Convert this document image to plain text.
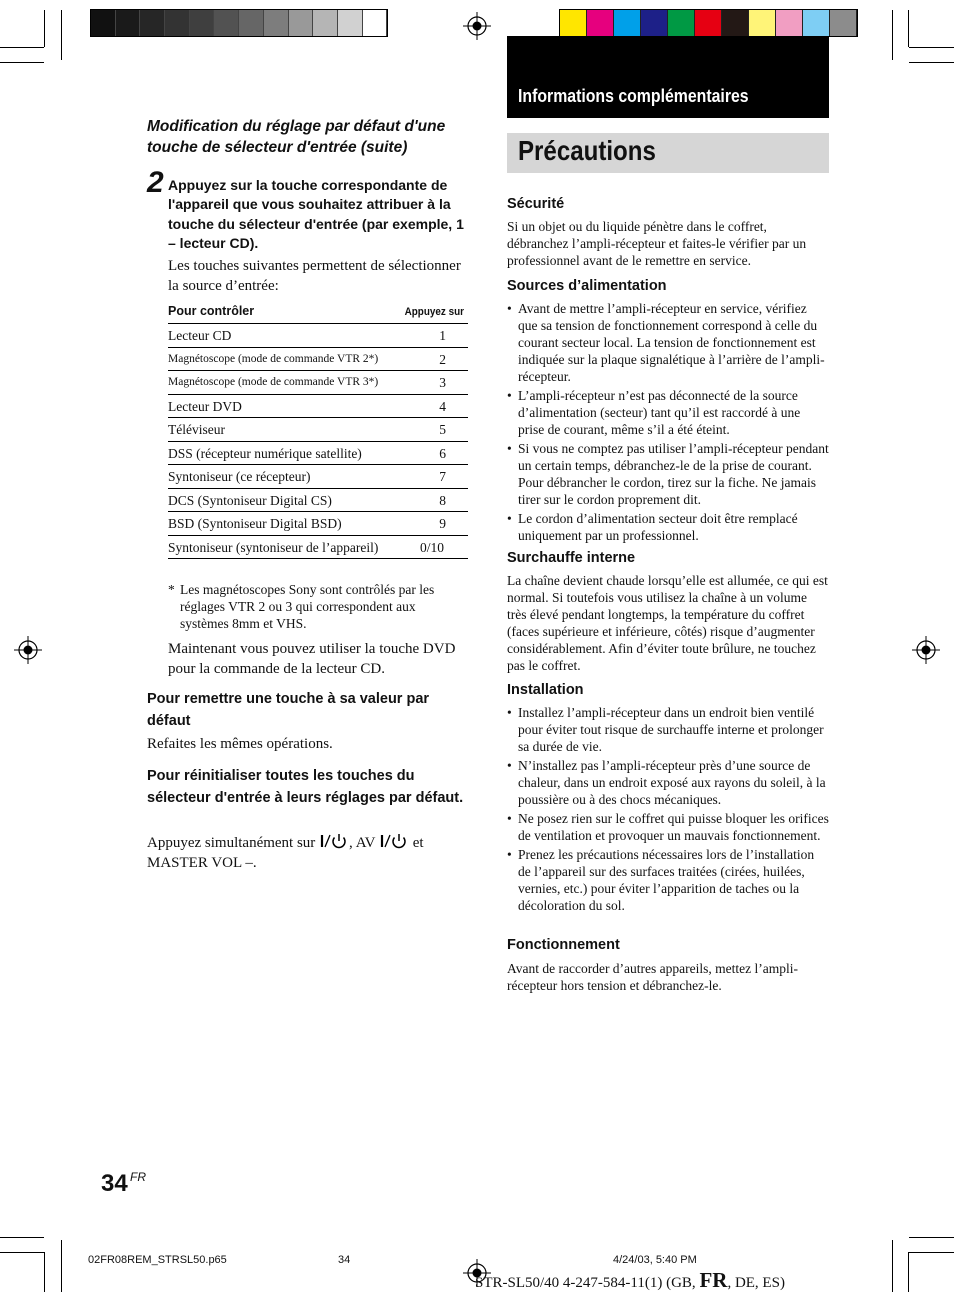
Informations complémentaires
Précautions
Modification du réglage par défaut d'une touche de sélecteur d'entrée (suite)
2 Appuyez sur la touche correspondante de l'appareil que vous souhaitez attribuer à la touche du sélecteur d'entrée (par exemple, 1 – lecteur CD).
Les touches suivantes permettent de sélectionner la source d’entrée:
Pour contrôler	Appuyez sur
Lecteur CD	1
Magnétoscope (mode de commande VTR 2*)	2
Magnétoscope (mode de commande VTR 3*)	3
Lecteur DVD	4
Téléviseur	5
DSS (récepteur numérique satellite)	6
Syntoniseur (ce récepteur)	7
DCS (Syntoniseur Digital CS)	8
BSD (Syntoniseur Digital BSD)	9
Syntoniseur (syntoniseur de l’appareil)	0/10
* Les magnétoscopes Sony sont contrôlés par les réglages VTR 2 ou 3 qui correspondent aux systèmes 8mm et VHS.
Maintenant vous pouvez utiliser la touche DVD pour la commande de la lecteur CD.
Pour remettre une touche à sa valeur par défaut
Refaites les mêmes opérations.
Pour réinitialiser toutes les touches du sélecteur d'entrée à leurs réglages par défaut.
Appuyez simultanément sur , AV	et
MASTER VOL –.
Sécurité
Si un objet ou du liquide pénètre dans le coffret, débranchez l’ampli-récepteur et faites-le vérifier par un professionnel avant de le remettre en service.
Sources d’alimentation
• Avant de mettre l’ampli-récepteur en service, vérifiez que sa tension de fonctionnement correspond à celle du courant secteur local. La tension de fonctionnement est indiquée sur la plaque signalétique à l’arrière de l’ampli-récepteur.
• L’ampli-récepteur n’est pas déconnecté de la source d’alimentation (secteur) tant qu’il est raccordé à une prise de courant, même s’il a été éteint.
• Si vous ne comptez pas utiliser l’ampli-récepteur pendant un certain temps, débranchez-le de la prise de courant. Pour débrancher le cordon, tirez sur la fiche. Ne jamais tirer sur le cordon proprement dit.
• Le cordon d’alimentation secteur doit être remplacé uniquement par un professionnel.
Surchauffe interne
La chaîne devient chaude lorsqu’elle est allumée, ce qui est normal. Si toutefois vous utilisez la chaîne à un volume très élevé pendant longtemps, la température du coffret (faces supérieure et inférieure, côtés) risque d’augmenter considérablement. Afin d’éviter toute brûlure, ne touchez pas le coffret.
Installation
• Installez l’ampli-récepteur dans un endroit bien ventilé pour éviter tout risque de surchauffe interne et prolonger sa durée de vie.
• N’installez pas l’ampli-récepteur près d’une source de chaleur, dans un endroit exposé aux rayons du soleil, à la poussière ou à des chocs mécaniques.
• Ne posez rien sur le coffret qui puisse bloquer les orifices de ventilation et provoquer un mauvais fonctionnement.
• Prenez les précautions nécessaires lors de l’installation de l’appareil sur des surfaces traitées (cirées, huilées, vernies, etc.) pour éviter l’apparition de taches ou la décoloration du sol.
Fonctionnement
Avant de raccorder d’autres appareils, mettez l’ampli-récepteur hors tension et débranchez-le.
34 FR
02FR08REM_STRSL50.p65	34	4/24/03, 5:40 PM
STR-SL50/40 4-247-584-11(1) (GB, FR, DE, ES)
